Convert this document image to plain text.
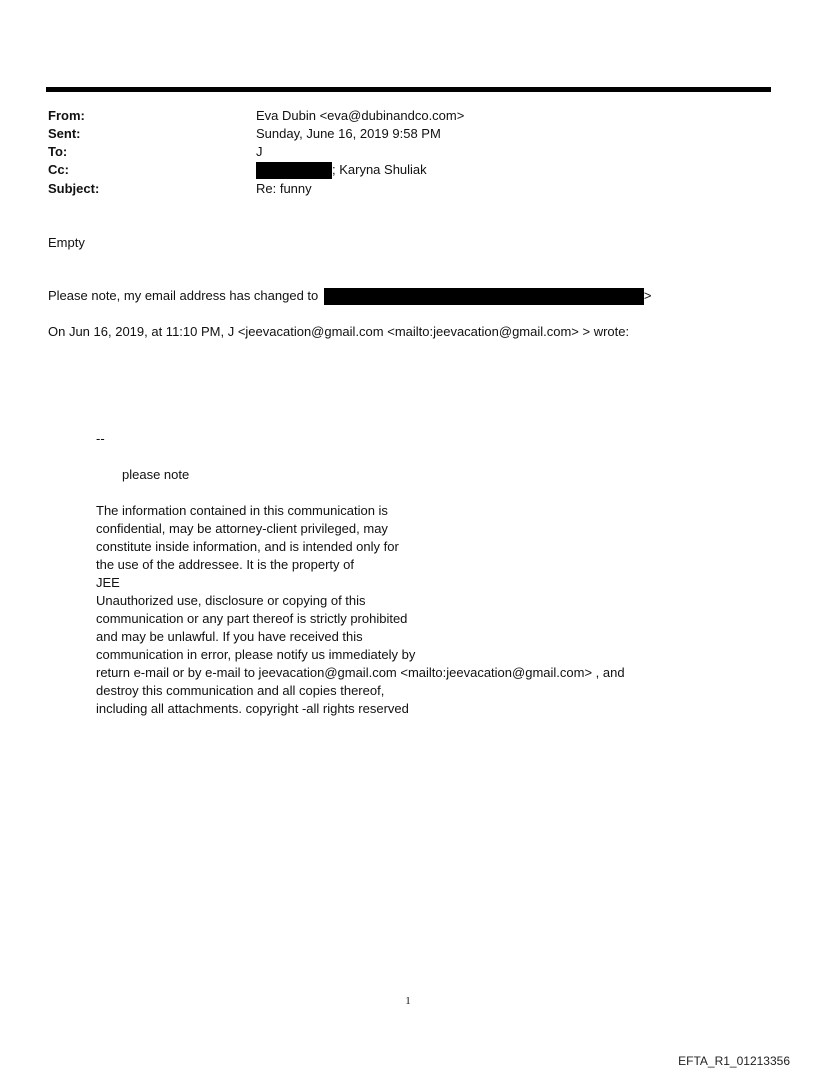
From:
Sent:
To:
Cc:
Subject:
Eva Dubin <eva@dubinandco.com>
Sunday, June 16, 2019 9:58 PM
J
; Karyna Shuliak
Re: funny
Empty
Please note, my email address has changed to	>
On Jun 16, 2019, at 11:10 PM, J <jeevacation@gmail.com <mailto:jeevacation@gmail.com> > wrote:
--
please note
The information contained in this communication is
confidential, may be attorney-client privileged, may
constitute inside information, and is intended only for
the use of the addressee. It is the property of
JEE
Unauthorized use, disclosure or copying of this
communication or any part thereof is strictly prohibited
and may be unlawful. If you have received this
communication in error, please notify us immediately by
return e-mail or by e-mail to jeevacation@gmail.com <mailto:jeevacation@gmail.com> , and
destroy this communication and all copies thereof,
including all attachments. copyright -all rights reserved
1
EFTA_R1_01213356
